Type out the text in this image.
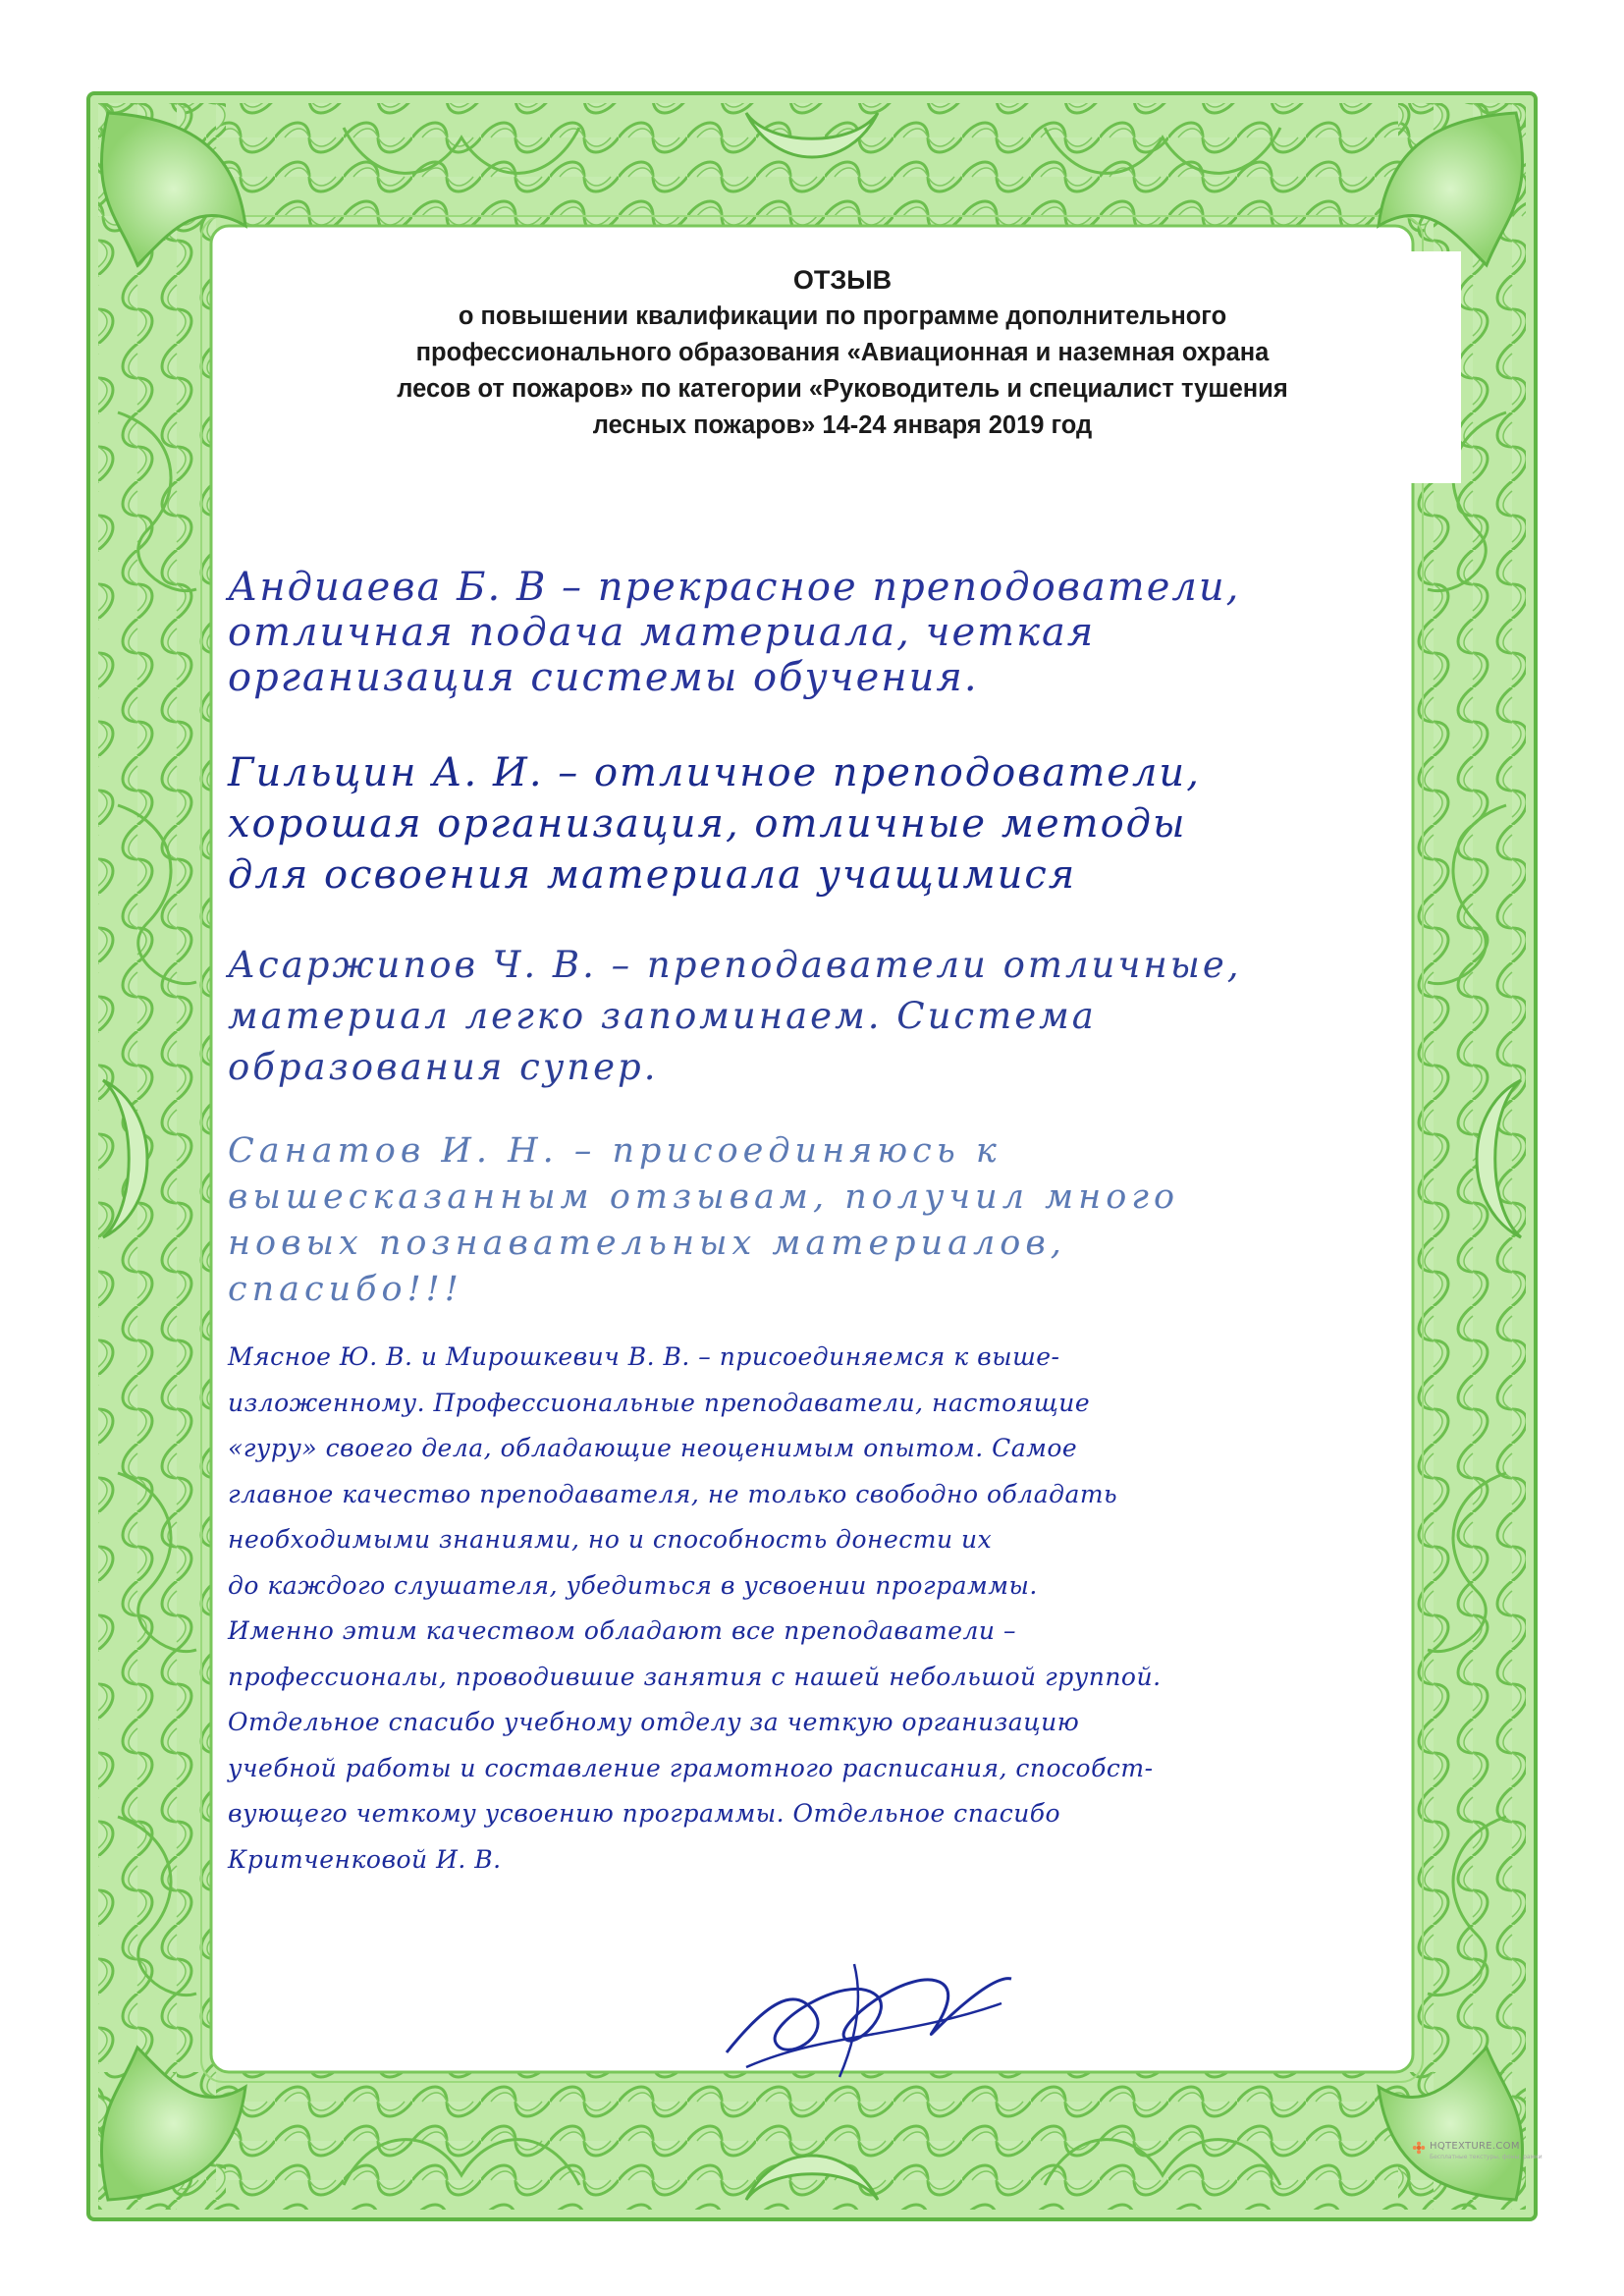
ОТЗЫВ

о повышении квалификации по программе дополнительного

профессионального образования «Авиационная и наземная охрана

лесов от пожаров» по категории «Руководитель и специалист тушения

лесных пожаров» 14-24 января 2019 год

Андиаева Б. В – прекрасное преподователи,

отличная подача материала, четкая

организация системы обучения.

Гильцин А. И. – отличное преподователи,

хорошая организация, отличные методы

для освоения материала учащимися

Асаржипов Ч. В. – преподаватели отличные,

материал легко запоминаем. Система

образования супер.

Санатов И. Н. – присоединяюсь к

вышесказанным отзывам, получил много

новых познавательных материалов,

спасибо!!!

Мясное Ю. В. и Мирошкевич В. В. – присоединяемся к выше-

изложенному. Профессиональные преподаватели, настоящие

«гуру» своего дела, обладающие неоценимым опытом. Самое

главное качество преподавателя, не только свободно обладать

необходимыми знаниями, но и способность донести их

до каждого слушателя, убедиться в усвоении программы.

Именно этим качеством обладают все преподаватели –

профессионалы, проводившие занятия с нашей небольшой группой.

Отдельное спасибо учебному отделу за четкую организацию

учебной работы и составление грамотного расписания, способст-

вующего четкому усвоению программы. Отдельное спасибо

Критченковой И. В.

HQTEXTURE.COM
Бесплатные текстуры, фоны, рамки
